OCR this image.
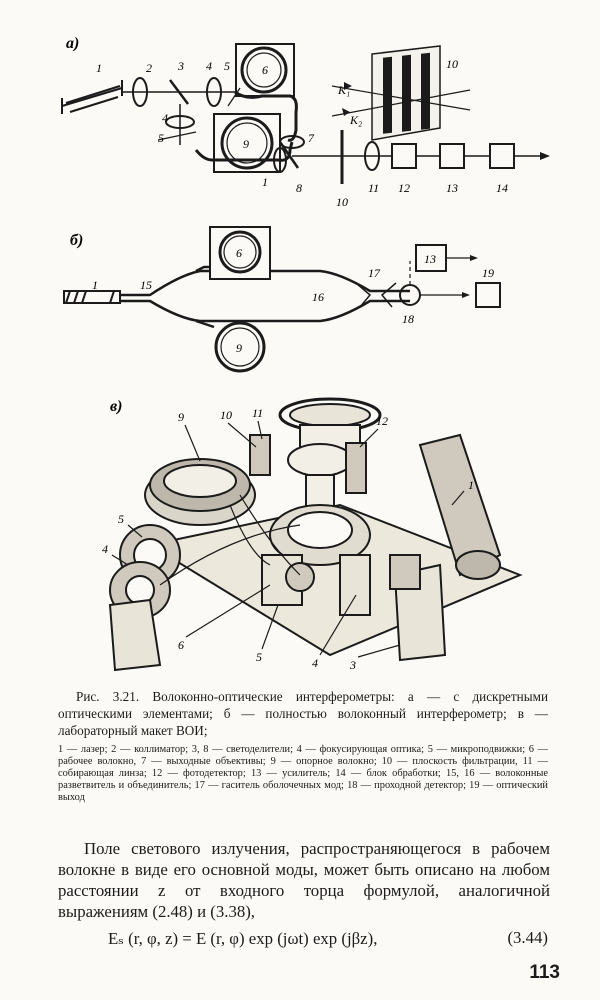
а)
1	2 3 4 5	6
4
5	9	7
1 8
10
11 12	13	14
10
K₁
K₂
б)
1	15
6
16
9
17
13
18
19
в)
9	10 11
12
1
5
4
6
5	4	3
Рис. 3.21. Волоконно-оптические интерферометры: а — с дискретными оптическими элементами; б — полностью волоконный интерферометр; в — лабораторный макет ВОИ;
1 — лазер; 2 — коллиматор; 3, 8 — светоделители; 4 — фокусирующая оптика; 5 — микроподвижки; 6 — рабочее волокно, 7 — выходные объективы; 9 — опорное волокно; 10 — плоскость фильтрации, 11 — собирающая линза; 12 — фотодетектор; 13 — усилитель; 14 — блок обработки; 15, 16 — волоконные разветвитель и объединитель; 17 — гаситель оболочечных мод; 18 — проходной детектор; 19 — оптический выход
Поле светового излучения, распространяющегося в рабочем волокне в виде его основной моды, может быть описано на любом расстоянии z от входного торца формулой, аналогичной выражениям (2.48) и (3.38),
Eₛ (r, φ, z) = E (r, φ) exp (jωt) exp (jβz),	(3.44)
113
